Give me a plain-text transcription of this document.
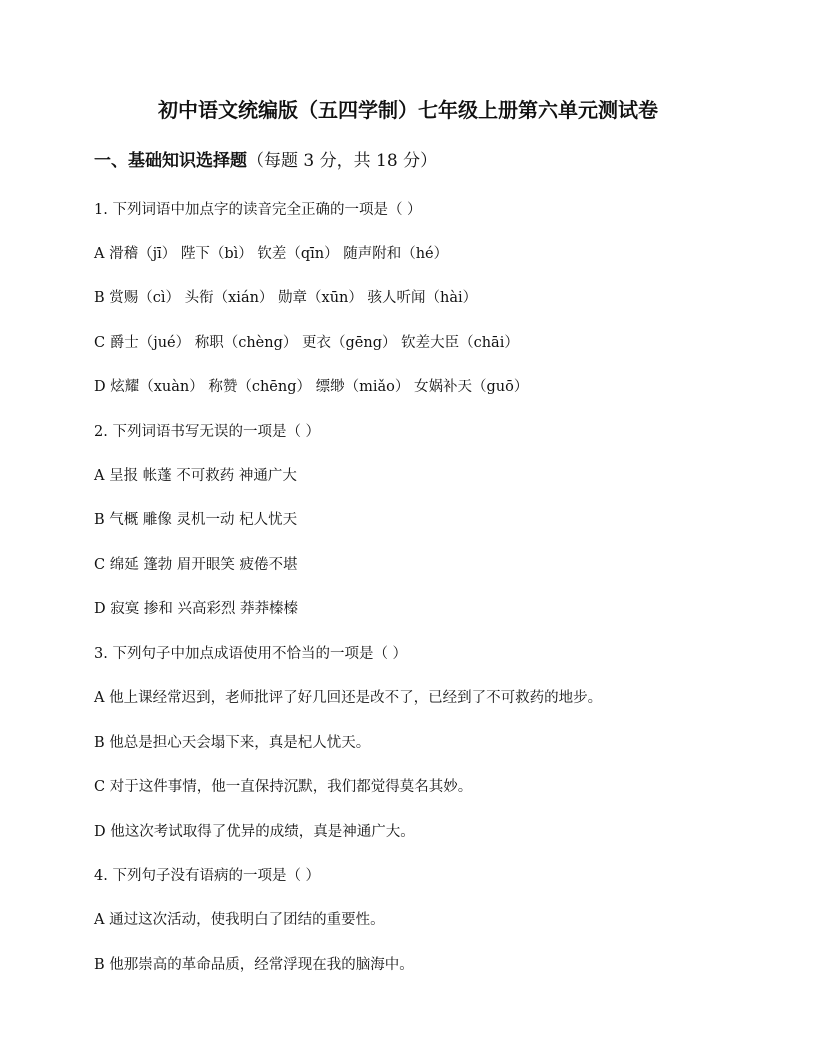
初中语文统编版（五四学制）七年级上册第六单元测试卷
一、基础知识选择题（每题 3 分，共 18 分）
1. 下列词语中加点字的读音完全正确的一项是（ ）
A 滑稽（jī） 陛下（bì） 钦差（qīn） 随声附和（hé）
B 赏赐（cì） 头衔（xián） 勋章（xūn） 骇人听闻（hài）
C 爵士（jué） 称职（chèng） 更衣（gēng） 钦差大臣（chāi）
D 炫耀（xuàn） 称赞（chēng） 缥缈（miǎo） 女娲补天（guō）
2. 下列词语书写无误的一项是（ ）
A 呈报 帐蓬 不可救药 神通广大
B 气概 雕像 灵机一动 杞人忧天
C 绵延 篷勃 眉开眼笑 疲倦不堪
D 寂寞 掺和 兴高彩烈 莽莽榛榛
3. 下列句子中加点成语使用不恰当的一项是（ ）
A 他上课经常迟到，老师批评了好几回还是改不了，已经到了不可救药的地步。
B 他总是担心天会塌下来，真是杞人忧天。
C 对于这件事情，他一直保持沉默，我们都觉得莫名其妙。
D 他这次考试取得了优异的成绩，真是神通广大。
4. 下列句子没有语病的一项是（ ）
A 通过这次活动，使我明白了团结的重要性。
B 他那崇高的革命品质，经常浮现在我的脑海中。
